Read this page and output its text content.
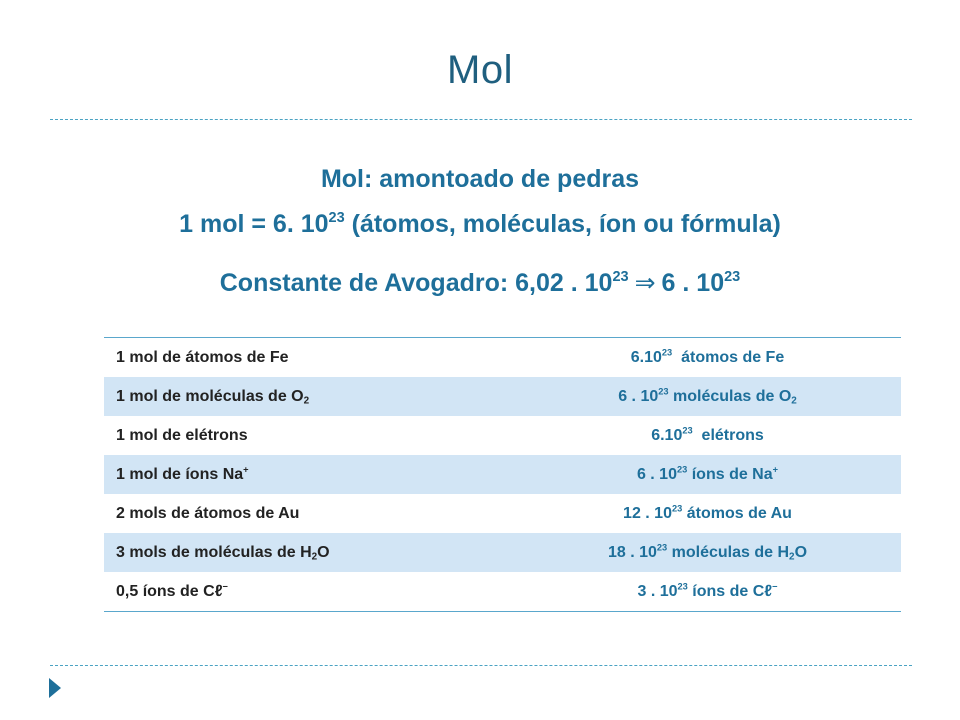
Mol
Mol: amontoado de pedras
1 mol = 6. $10^{23}$ (átomos, moléculas, íon ou fórmula)
Constante de Avogadro: 6,02 . $10^{23}$ ⇒ 6 . $10^{23}$
1 mol de átomos de Fe	6.10$^{23}$  átomos de Fe
1 mol de moléculas de $O_2$	6 . $10^{23}$ moléculas de $O_2$
1 mol de elétrons	6.10$^{23}$  elétrons
1 mol de íons Na+	6 . $10^{23}$ íons de Na+
2 mols de átomos de Au	12 . $10^{23}$ átomos de Au
3 mols de moléculas de $H_2O$	18 . $10^{23}$ moléculas de $H_2O$
0,5 íons de Cℓ−	3 . $10^{23}$ íons de Cℓ−
